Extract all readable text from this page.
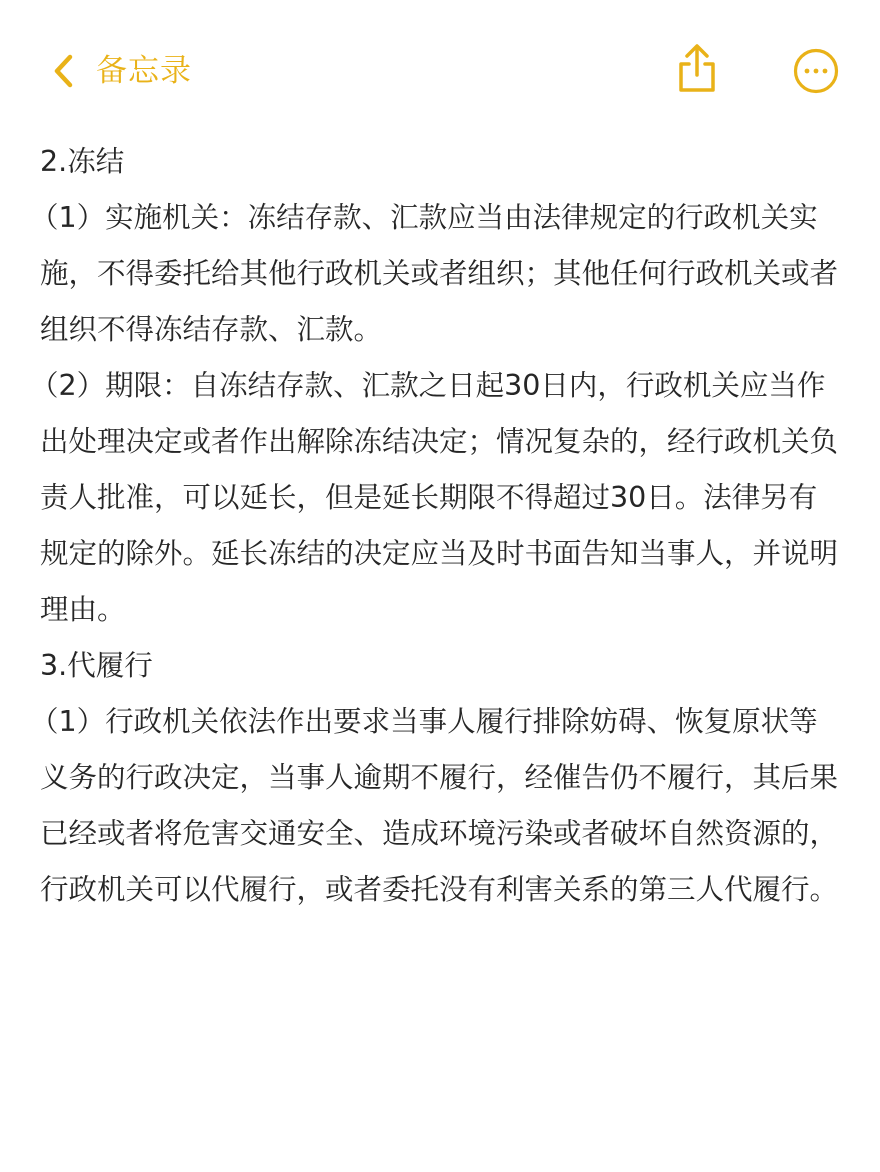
备忘录

2.冻结

（1）实施机关：冻结存款、汇款应当由法律规定的行政机关实施，不得委托给其他行政机关或者组织；其他任何行政机关或者组织不得冻结存款、汇款。

（2）期限：自冻结存款、汇款之日起30日内，行政机关应当作出处理决定或者作出解除冻结决定；情况复杂的，经行政机关负责人批准，可以延长，但是延长期限不得超过30日。法律另有规定的除外。延长冻结的决定应当及时书面告知当事人，并说明理由。

3.代履行

（1）行政机关依法作出要求当事人履行排除妨碍、恢复原状等义务的行政决定，当事人逾期不履行，经催告仍不履行，其后果已经或者将危害交通安全、造成环境污染或者破坏自然资源的，行政机关可以代履行，或者委托没有利害关系的第三人代履行。
